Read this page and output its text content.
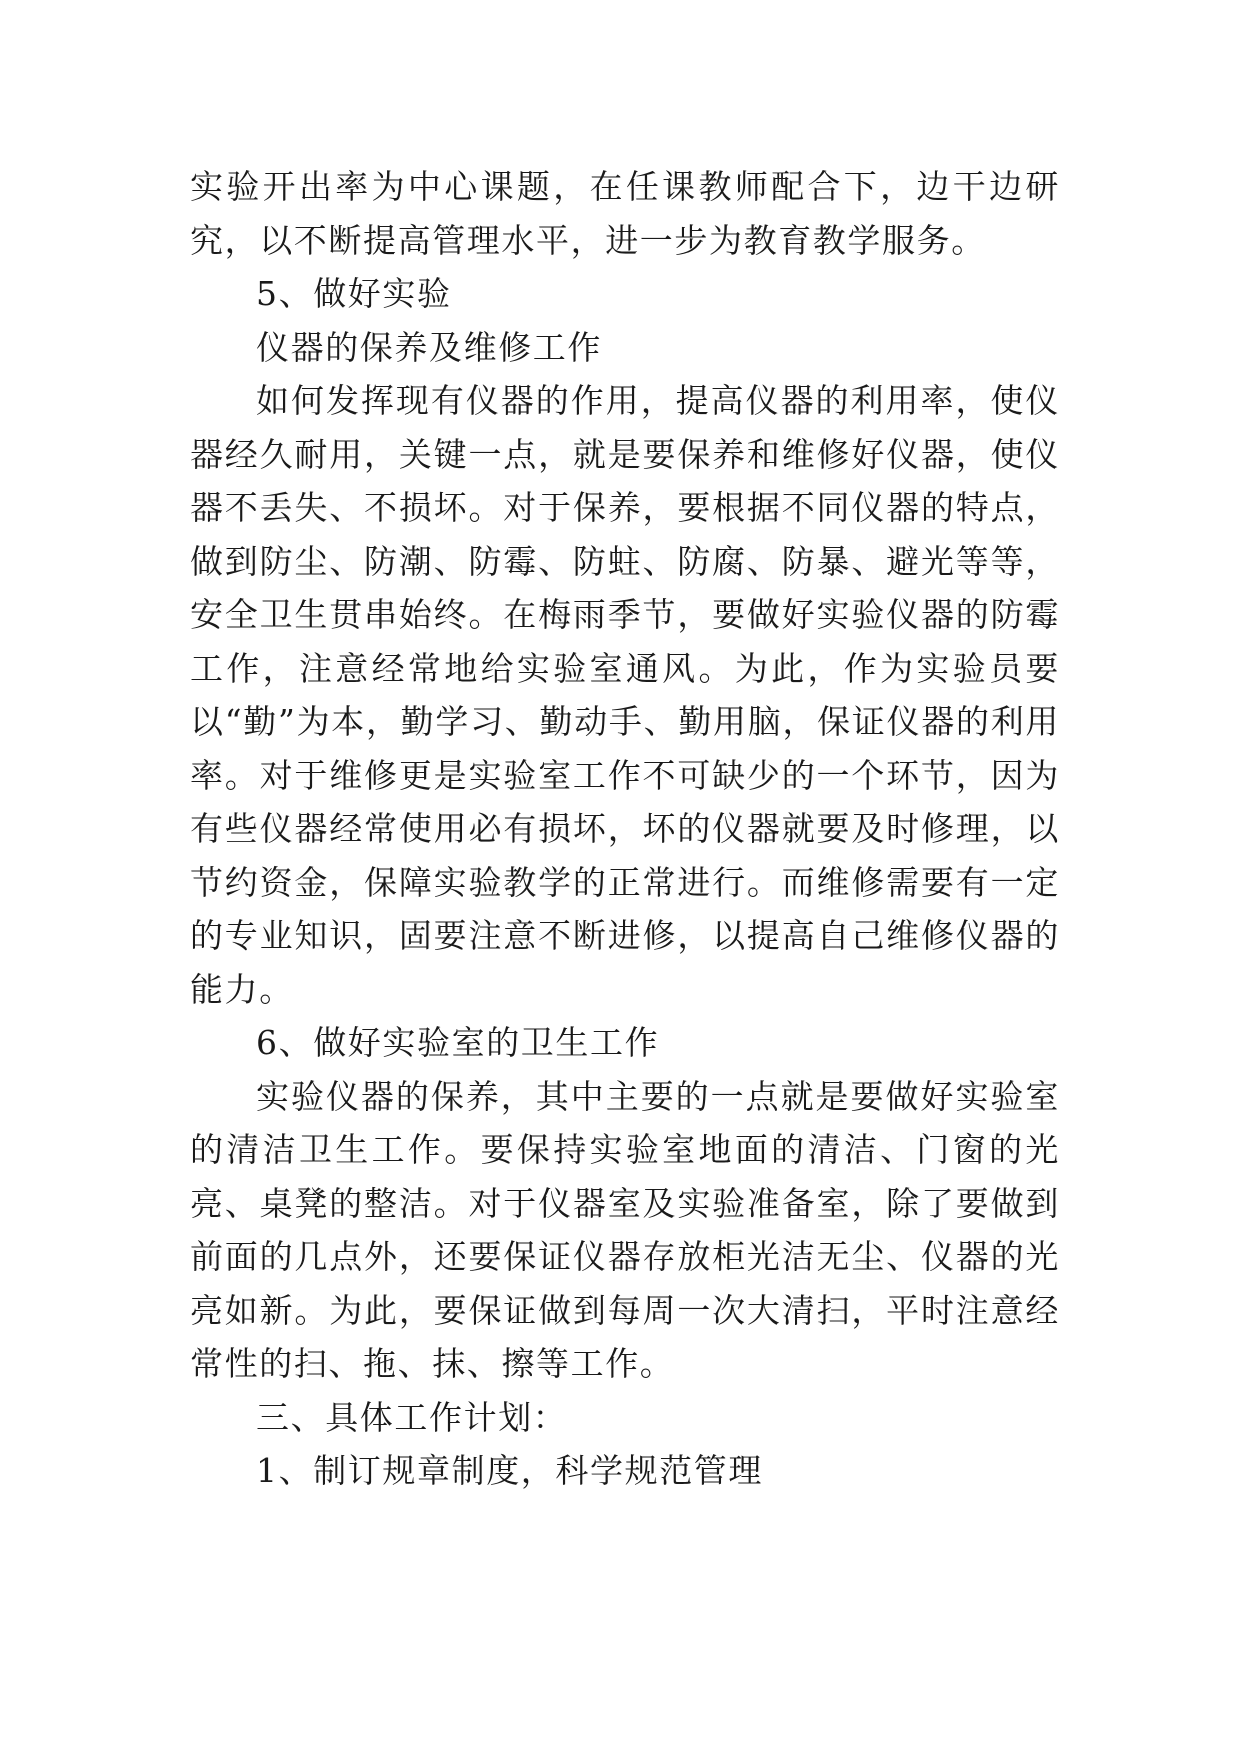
实验开出率为中心课题，在任课教师配合下，边干边研究，以不断提高管理水平，进一步为教育教学服务。

5、做好实验

仪器的保养及维修工作

如何发挥现有仪器的作用，提高仪器的利用率，使仪器经久耐用，关键一点，就是要保养和维修好仪器，使仪器不丢失、不损坏。对于保养，要根据不同仪器的特点，做到防尘、防潮、防霉、防蛀、防腐、防暴、避光等等，安全卫生贯串始终。在梅雨季节，要做好实验仪器的防霉工作，注意经常地给实验室通风。为此，作为实验员要以“勤”为本，勤学习、勤动手、勤用脑，保证仪器的利用率。对于维修更是实验室工作不可缺少的一个环节，因为有些仪器经常使用必有损坏，坏的仪器就要及时修理，以节约资金，保障实验教学的正常进行。而维修需要有一定的专业知识，固要注意不断进修，以提高自己维修仪器的能力。

6、做好实验室的卫生工作

实验仪器的保养，其中主要的一点就是要做好实验室的清洁卫生工作。要保持实验室地面的清洁、门窗的光亮、桌凳的整洁。对于仪器室及实验准备室，除了要做到前面的几点外，还要保证仪器存放柜光洁无尘、仪器的光亮如新。为此，要保证做到每周一次大清扫，平时注意经常性的扫、拖、抹、擦等工作。

三、具体工作计划：

1、制订规章制度，科学规范管理
